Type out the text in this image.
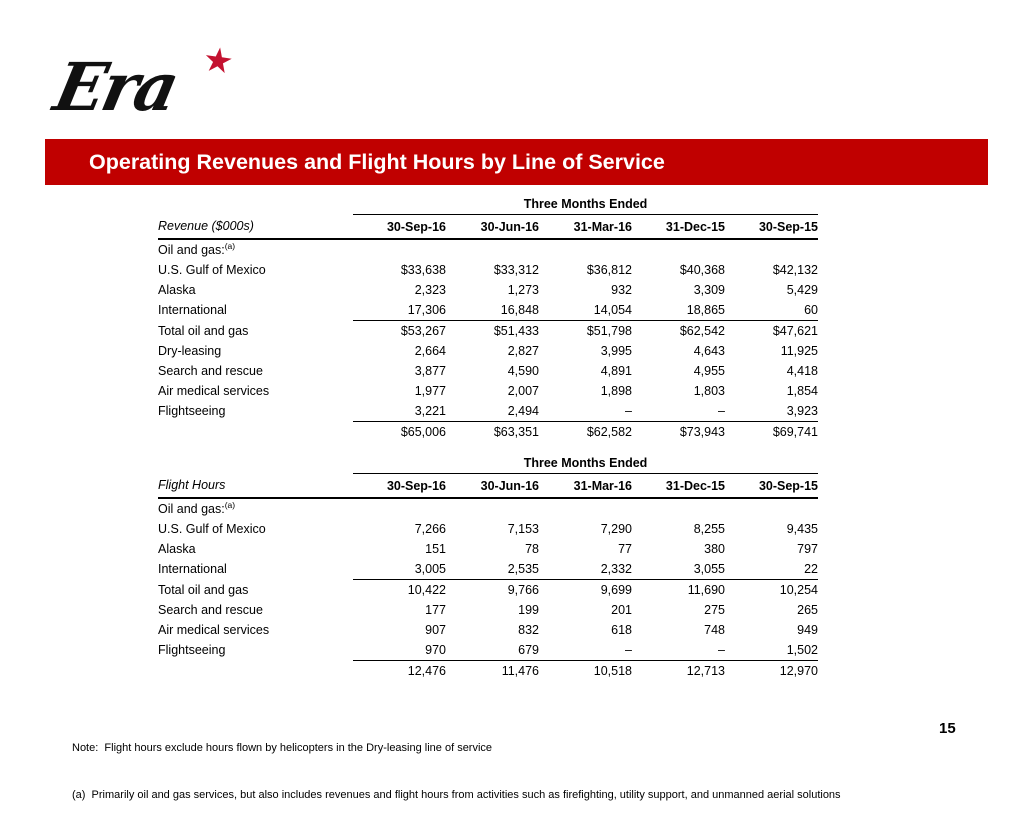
Era ★
Operating Revenues and Flight Hours by Line of Service
	Three Months Ended				
Revenue ($000s)	30-Sep-16	30-Jun-16	31-Mar-16	31-Dec-15	30-Sep-15
Oil and gas:$^{(a)}$					
U.S. Gulf of Mexico	$33,638	$33,312	$36,812	$40,368	$42,132
Alaska	2,323	1,273	932	3,309	5,429
International	17,306	16,848	14,054	18,865	60
Total oil and gas	$53,267	$51,433	$51,798	$62,542	$47,621
Dry-leasing	2,664	2,827	3,995	4,643	11,925
Search and rescue	3,877	4,590	4,891	4,955	4,418
Air medical services	1,977	2,007	1,898	1,803	1,854
Flightseeing	3,221	2,494	–	–	3,923
	$65,006	$63,351	$62,582	$73,943	$69,741
	Three Months Ended				
Flight Hours	30-Sep-16	30-Jun-16	31-Mar-16	31-Dec-15	30-Sep-15
Oil and gas:$^{(a)}$					
U.S. Gulf of Mexico	7,266	7,153	7,290	8,255	9,435
Alaska	151	78	77	380	797
International	3,005	2,535	2,332	3,055	22
Total oil and gas	10,422	9,766	9,699	11,690	10,254
Search and rescue	177	199	201	275	265
Air medical services	907	832	618	748	949
Flightseeing	970	679	–	–	1,502
	12,476	11,476	10,518	12,713	12,970

Note:  Flight hours exclude hours flown by helicopters in the Dry-leasing line of service

(a)  Primarily oil and gas services, but also includes revenues and flight hours from activities such as firefighting, utility support, and unmanned aerial solutions

15
